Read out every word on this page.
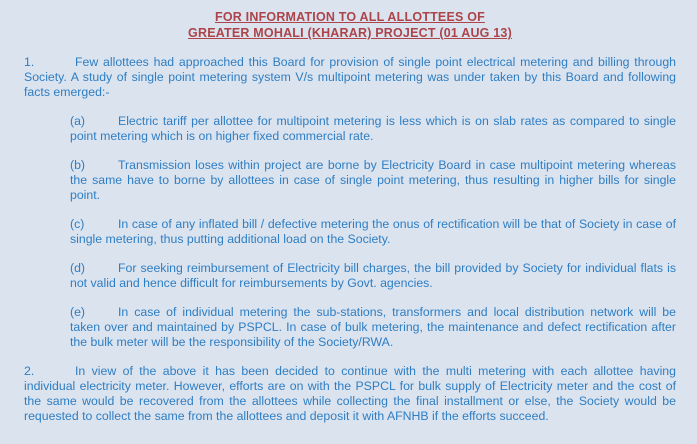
FOR INFORMATION TO ALL ALLOTTEES OF
GREATER MOHALI (KHARAR) PROJECT (01 AUG 13)

1.	Few allottees had approached this Board for provision of single point electrical metering and billing through Society. A study of single point metering system V/s multipoint metering was under taken by this Board and following facts emerged:-

(a)	Electric tariff per allottee for multipoint metering is less which is on slab rates as compared to single point metering which is on higher fixed commercial rate.

(b)	Transmission loses within project are borne by Electricity Board in case multipoint metering whereas the same have to borne by allottees in case of single point metering, thus resulting in higher bills for single point.

(c)	In case of any inflated bill / defective metering the onus of rectification will be that of Society in case of single metering, thus putting additional load on the Society.

(d)	For seeking reimbursement of Electricity bill charges, the bill provided by Society for individual flats is not valid and hence difficult for reimbursements by Govt. agencies.

(e)	In case of individual metering the sub-stations, transformers and local distribution network will be taken over and maintained by PSPCL. In case of bulk metering, the maintenance and defect rectification after the bulk meter will be the responsibility of the Society/RWA.

2.	In view of the above it has been decided to continue with the multi metering with each allottee having individual electricity meter. However, efforts are on with the PSPCL for bulk supply of Electricity meter and the cost of the same would be recovered from the allottees while collecting the final installment or else, the Society would be requested to collect the same from the allottees and deposit it with AFNHB if the efforts succeed.
